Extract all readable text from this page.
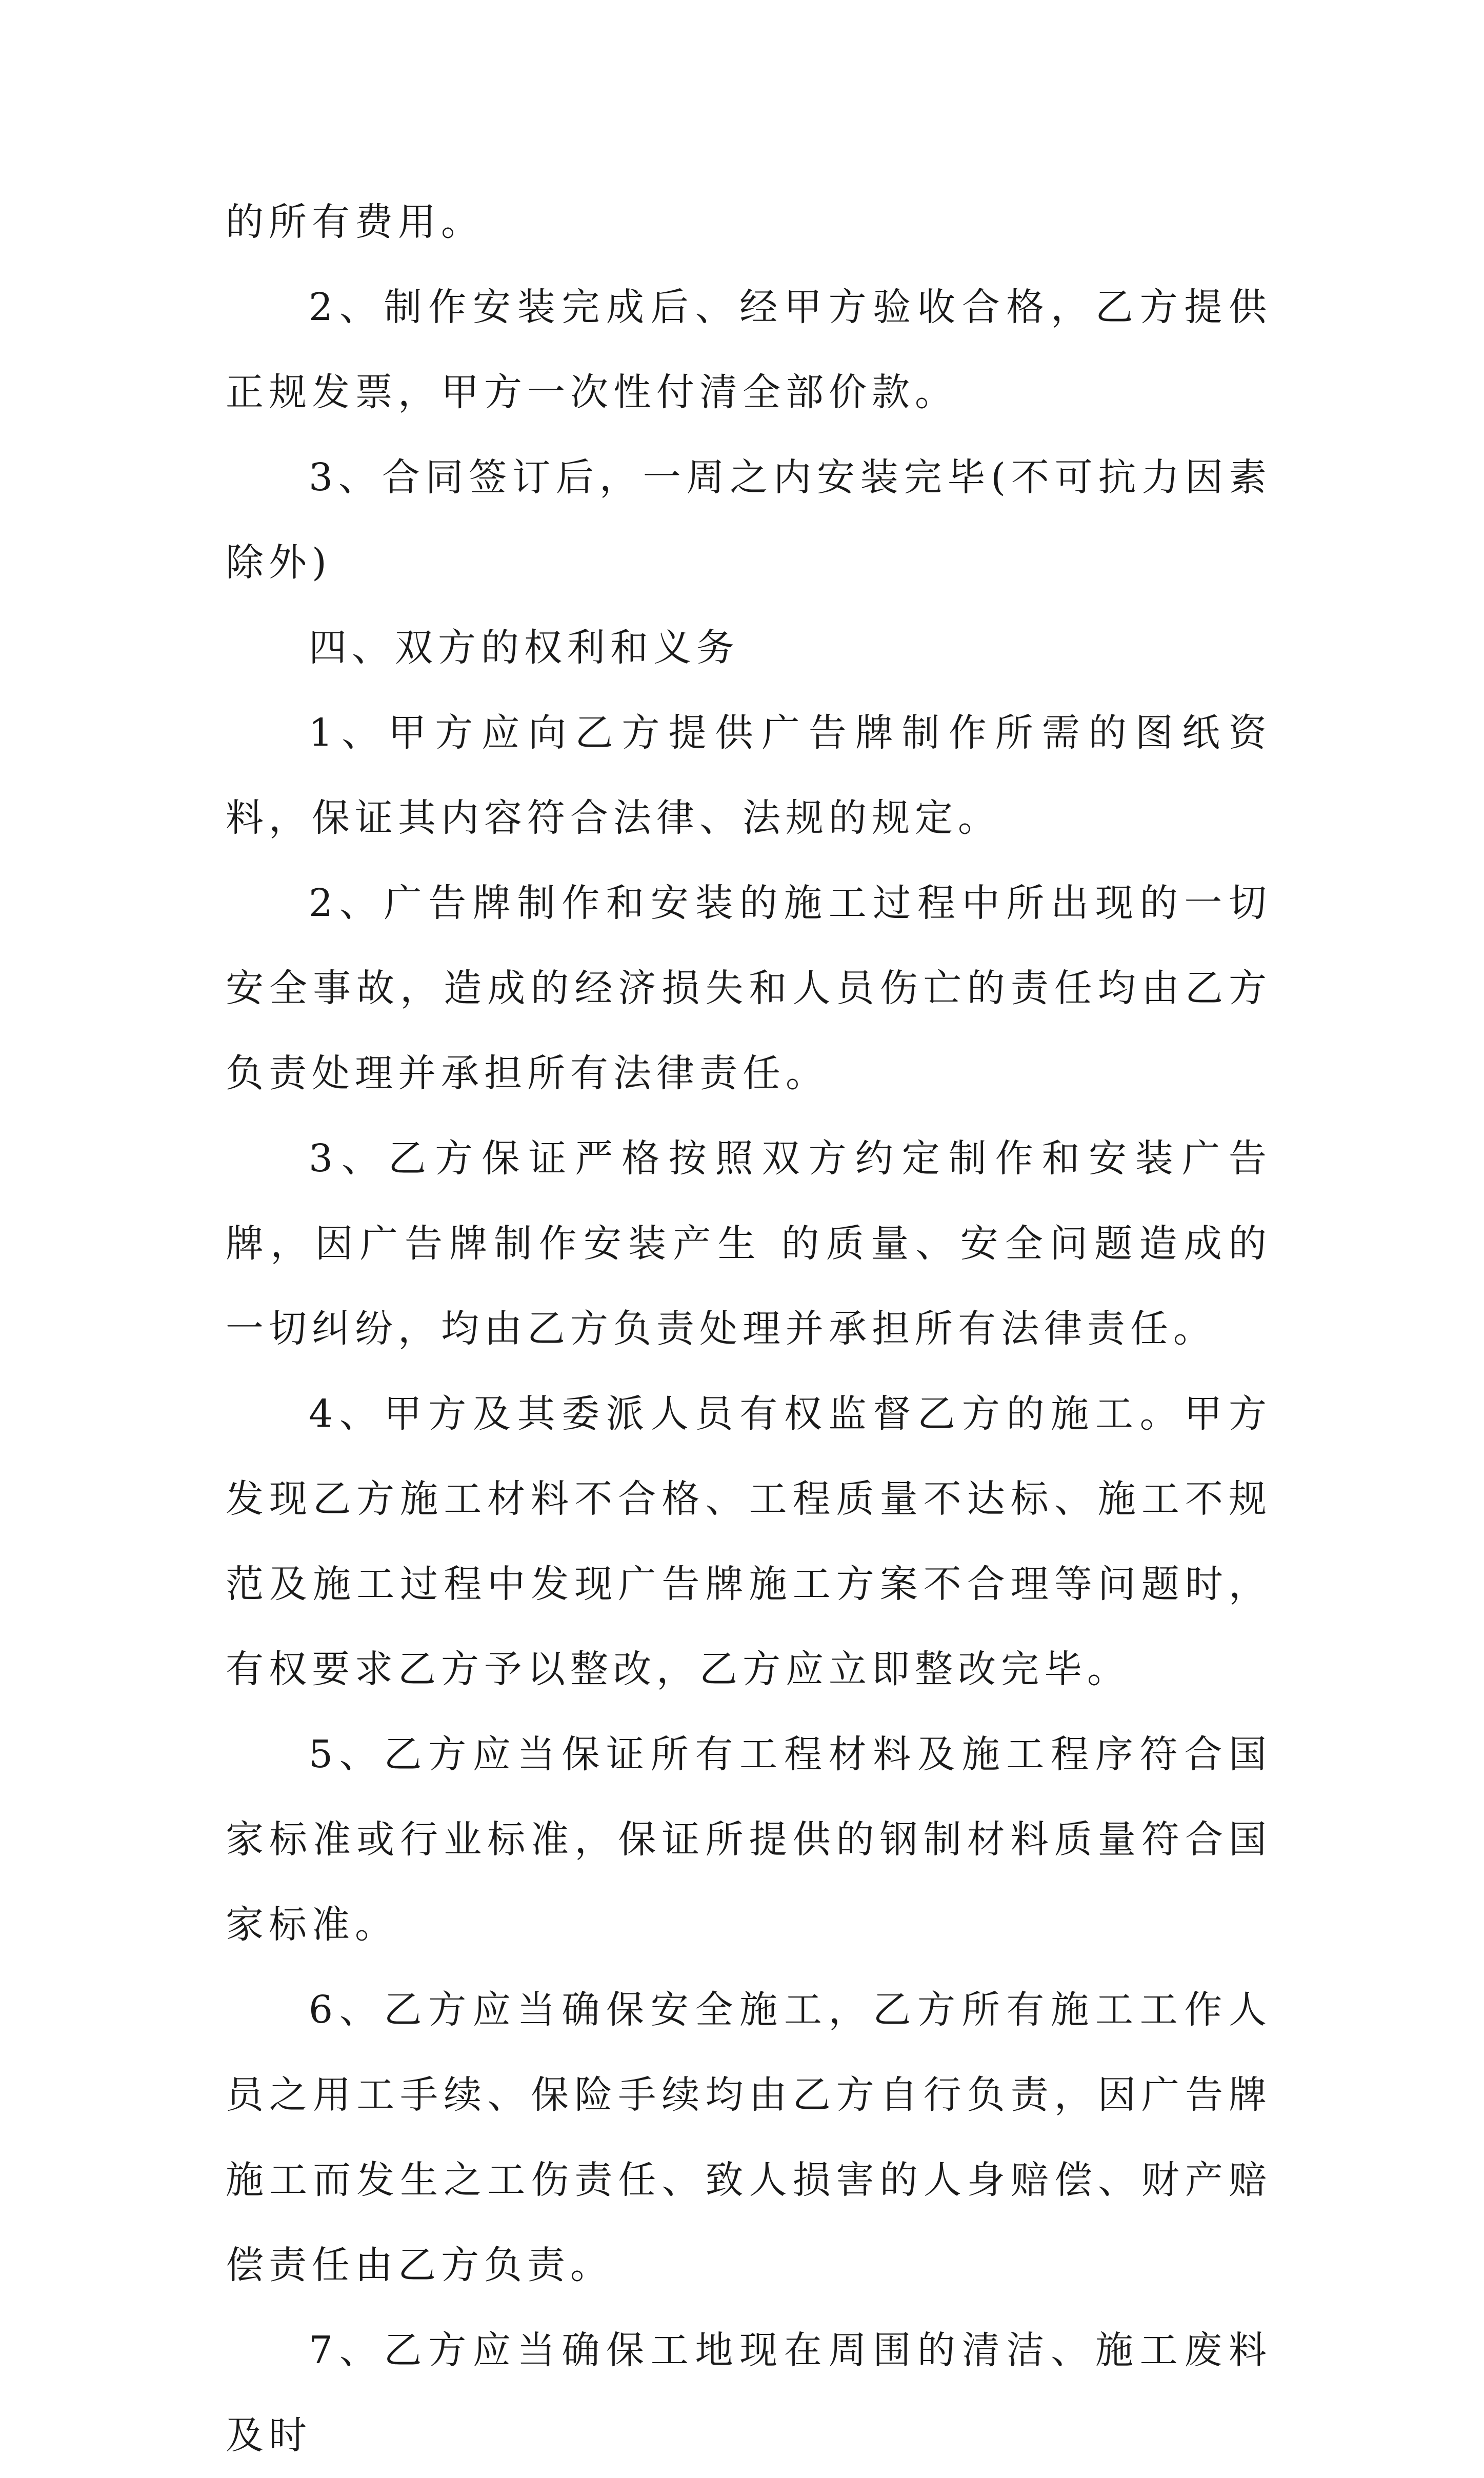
的所有费用。

2、制作安装完成后、经甲方验收合格，乙方提供正规发票，甲方一次性付清全部价款。

3、合同签订后，一周之内安装完毕(不可抗力因素除外)

四、双方的权利和义务

1、甲方应向乙方提供广告牌制作所需的图纸资料，保证其内容符合法律、法规的规定。

2、广告牌制作和安装的施工过程中所出现的一切安全事故，造成的经济损失和人员伤亡的责任均由乙方负责处理并承担所有法律责任。

3、乙方保证严格按照双方约定制作和安装广告牌，因广告牌制作安装产生 的质量、安全问题造成的一切纠纷，均由乙方负责处理并承担所有法律责任。

4、甲方及其委派人员有权监督乙方的施工。甲方发现乙方施工材料不合格、工程质量不达标、施工不规范及施工过程中发现广告牌施工方案不合理等问题时，有权要求乙方予以整改，乙方应立即整改完毕。

5、乙方应当保证所有工程材料及施工程序符合国家标准或行业标准，保证所提供的钢制材料质量符合国家标准。

6、乙方应当确保安全施工，乙方所有施工工作人员之用工手续、保险手续均由乙方自行负责，因广告牌施工而发生之工伤责任、致人损害的人身赔偿、财产赔偿责任由乙方负责。

7、乙方应当确保工地现在周围的清洁、施工废料及时
